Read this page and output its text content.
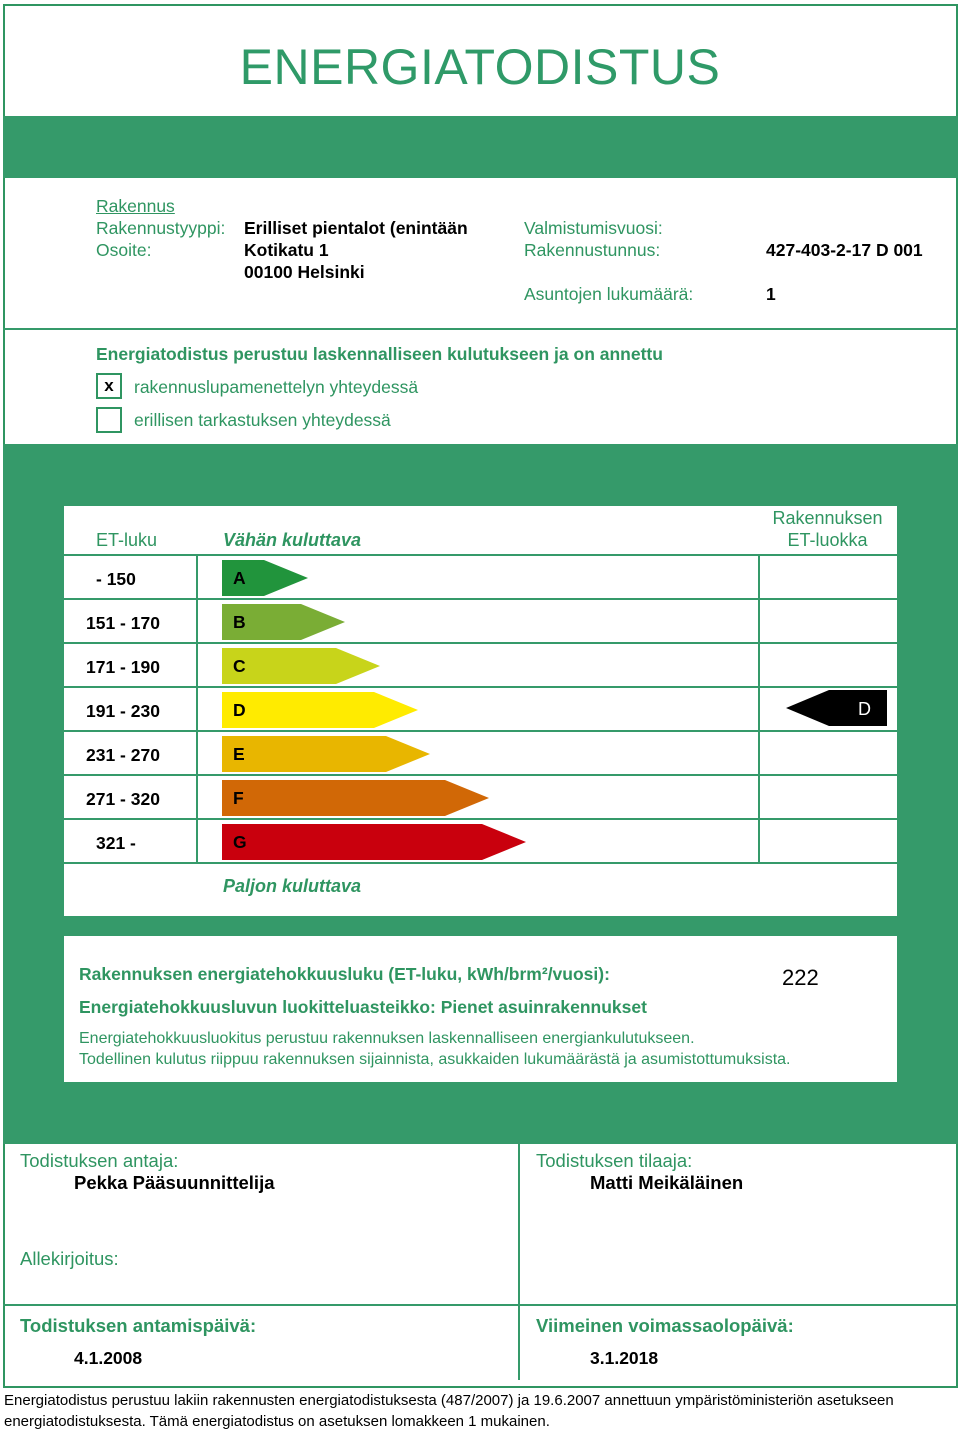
ENERGIATODISTUS
Rakennus
Rakennustyyppi: Erilliset pientalot (enintään
Osoite:	Kotikatu 1
00100 Helsinki
Valmistumisvuosi:
Rakennustunnus:	427-403-2-17 D 001
Asuntojen lukumäärä:	1
Energiatodistus perustuu laskennalliseen kulutukseen ja on annettu
x	rakennuslupamenettelyn yhteydessä
erillisen tarkastuksen yhteydessä
ET-luku	Vähän kuluttava
Rakennuksen
ET-luokka
Paljon kuluttava
- 150	A
151 - 170	B
171 - 190	C
191 - 230	D
231 - 270	E
271 - 320	F
321 -	G
D
Rakennuksen energiatehokkuusluku (ET-luku, kWh/brm²/vuosi):	222
Energiatehokkuusluvun luokitteluasteikko: Pienet asuinrakennukset
Energiatehokkuusluokitus perustuu rakennuksen laskennalliseen energiankulutukseen.
Todellinen kulutus riippuu rakennuksen sijainnista, asukkaiden lukumäärästä ja asumistottumuksista.
Todistuksen antaja:
Pekka Pääsuunnittelija
Todistuksen tilaaja:
Matti Meikäläinen
Allekirjoitus:
Todistuksen antamispäivä:
4.1.2008
Viimeinen voimassaolopäivä:
3.1.2018
Energiatodistus perustuu lakiin rakennusten energiatodistuksesta (487/2007) ja 19.6.2007 annettuun ympäristöministeriön asetukseen
energiatodistuksesta. Tämä energiatodistus on asetuksen lomakkeen 1 mukainen.
